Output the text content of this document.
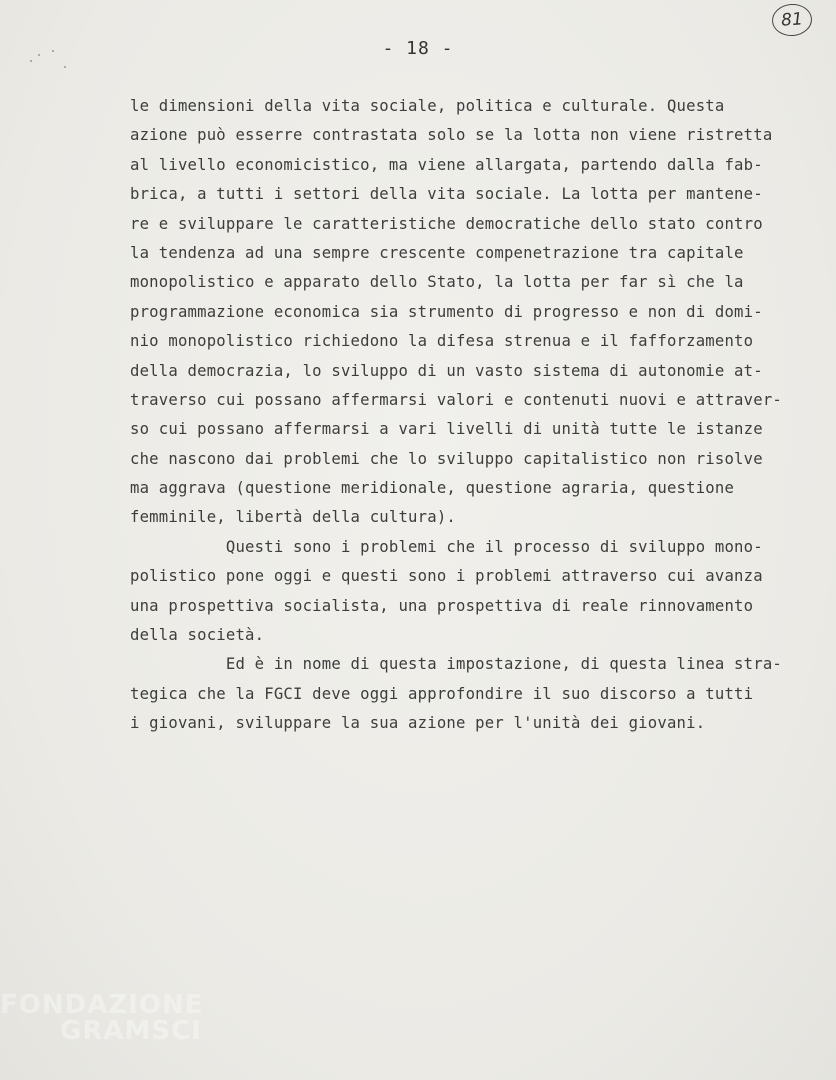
81
- 18 -
le dimensioni della vita sociale, politica e culturale. Questa
azione può esserre contrastata solo se la lotta non viene ristretta
al livello economicistico, ma viene allargata, partendo dalla fab-
brica, a tutti i settori della vita sociale. La lotta per mantene-
re e sviluppare le caratteristiche democratiche dello stato contro
la tendenza ad una sempre crescente compenetrazione tra capitale
monopolistico e apparato dello Stato, la lotta per far sì che la
programmazione economica sia strumento di progresso e non di domi-
nio monopolistico richiedono la difesa strenua e il fafforzamento
della democrazia, lo sviluppo di un vasto sistema di autonomie at-
traverso cui possano affermarsi valori e contenuti nuovi e attraver-
so cui possano affermarsi a vari livelli di unità tutte le istanze
che nascono dai problemi che lo sviluppo capitalistico non risolve
ma aggrava (questione meridionale, questione agraria, questione
femminile, libertà della cultura).
Questi sono i problemi che il processo di sviluppo mono-
polistico pone oggi e questi sono i problemi attraverso cui avanza
una prospettiva socialista, una prospettiva di reale rinnovamento
della società.
Ed è in nome di questa impostazione, di questa linea stra-
tegica che la FGCI deve oggi approfondire il suo discorso a tutti
i giovani, sviluppare la sua azione per l'unità dei giovani.
FONDAZIONE
GRAMSCI
